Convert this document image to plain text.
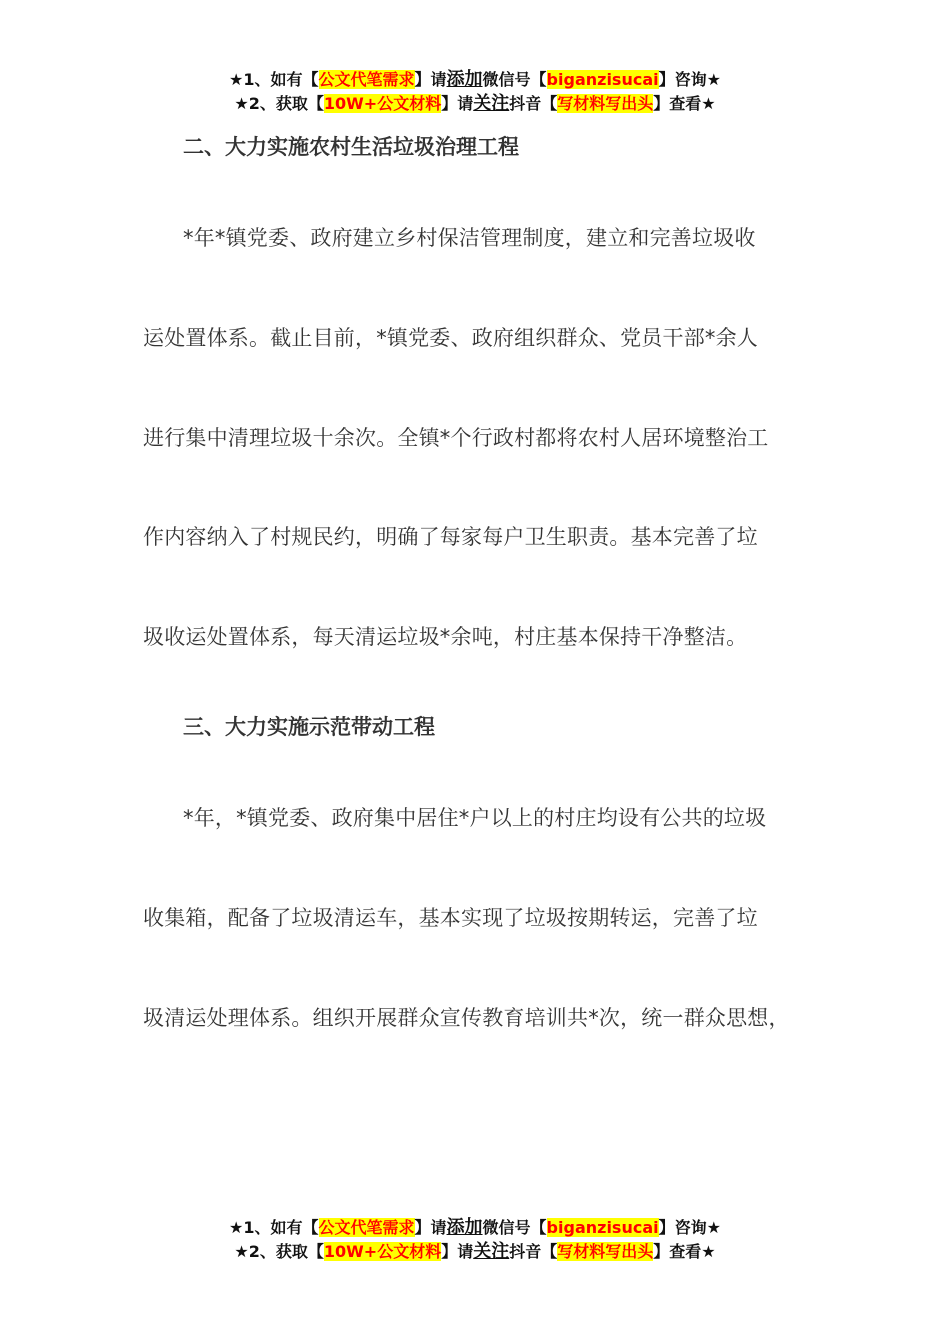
★1、如有【公文代笔需求】请添加微信号【biganzisucai】咨询★
★2、获取【10W+公文材料】请关注抖音【写材料写出头】查看★
二、大力实施农村生活垃圾治理工程
*年*镇党委、政府建立乡村保洁管理制度，建立和完善垃圾收
运处置体系。截止目前，*镇党委、政府组织群众、党员干部*余人
进行集中清理垃圾十余次。全镇*个行政村都将农村人居环境整治工
作内容纳入了村规民约，明确了每家每户卫生职责。基本完善了垃
圾收运处置体系，每天清运垃圾*余吨，村庄基本保持干净整洁。
三、大力实施示范带动工程
*年，*镇党委、政府集中居住*户以上的村庄均设有公共的垃圾
收集箱，配备了垃圾清运车，基本实现了垃圾按期转运，完善了垃
圾清运处理体系。组织开展群众宣传教育培训共*次，统一群众思想，
★1、如有【公文代笔需求】请添加微信号【biganzisucai】咨询★
★2、获取【10W+公文材料】请关注抖音【写材料写出头】查看★
